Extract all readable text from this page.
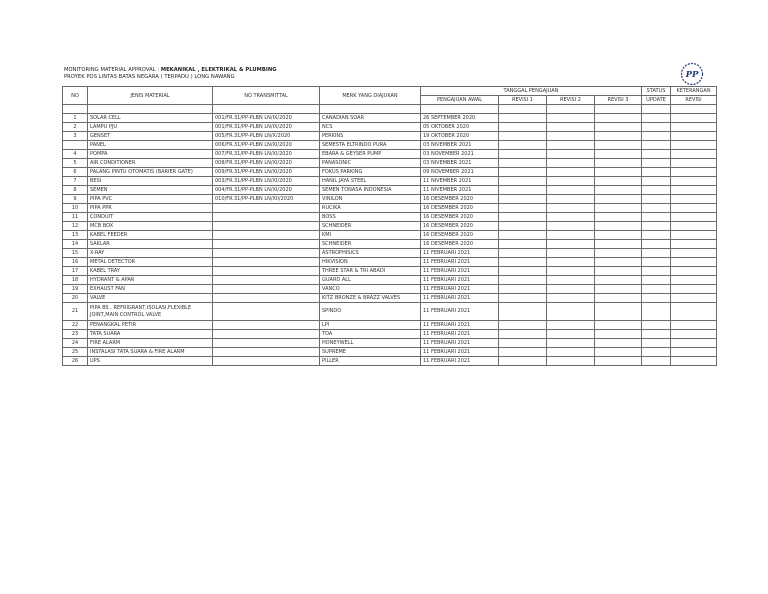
MONITORING MATERIAL APPROVAL : MEKANIKAL , ELEKTRIKAL & PLUMBING
PROYEK POS LINTAS BATAS NEGARA ( TERPADU ) LONG NAWANG	PP
NO	JENIS MATERIAL	NO TRANSMITTAL	MERK YANG DIAJUKAN	TANGGAL PENGAJUAN				STATUS	KETERANGAN
				PENGAJUAN AWAL	REVISI 1	REVISI 2	REVISI 3	UPDATE	REVISI

1	SOLAR CELL	001/FR.31/PP-PLBN LN/IX/2020	CANADIAN SOAR	26 SEPTEMBER 2020					
2	LAMPU PJU	001/FR.31/PP-PLBN LN/IX/2020	NCS	05 OKTOBER 2020					
3	GENSET	005/FR.31/PP-PLBN LN/X/2020	PERKINS	19 OKTOBER 2020					
	PANEL	006/FR.31/PP-PLBN LN/XI/2020	SEMESTA ELTRINDO PURA	03 NIVEMBER 2021					
4	POMPA	007/FR.31/PP-PLBN LN/XI/2020	EBARA & GEYSER PUMP	03 NOVEMBER 2021					
5	AIR CONDITIONER	008/FR.31/PP-PLBN LN/XI/2020	PANASONIC	03 NIVEMBER 2021					
6	PALANG PINTU OTOMATIS (BARIER GATE)	009/FR.31/PP-PLBN LN/XI/2020	FOKUS PARKING	09 NOVEMBER 2021					
7	BESI	003/FR.31/PP-PLBN LN/XI/2020	HANIL JAYA STEEL	11 NIVEMBER 2021					
8	SEMEN	004/FR.31/PP-PLBN LN/XI/2020	SEMEN TONASA INDONESIA	11 NIVEMBER 2021					
9	PIPA PVC	010/FR.31/PP-PLBN LN/XII/2020	VINILON	16 DESEMBER 2020					
10	PIPA PPR		RUCIKA	16 DESEMBER 2020					
11	CONDUIT		BOSS	16 DESEMBER 2020					
12	MCB BOX		SCHNEIDER	16 DESEMBER 2020					
13	KABEL FEEDER		KMI	16 DESEMBER 2020					
14	SAKLAR		SCHNEIDER	16 DESEMBER 2020					
15	X-RAY		ASTROPHISICS	11 FEBRUARI 2021					
16	METAL DETECTOR		HIKVISION	11 FEBRUARI 2021					
17	KABEL TRAY		THREE STAR & TRI ABADI	11 FEBRUARI 2021					
18	HYDRANT & APAR		GUARD ALL	11 FEBRUARI 2021					
19	EXHAUST FAN		VANCO	11 FEBRUARI 2021					
20	VALVE		KITZ BRONZE & BRAZZ VALVES	11 FEBRUARI 2021					
21	PIPA BS , REFRIGRANT,ISOLASI,FLEXIBLE JOINT,MAIN CONTROL VALVE		SPINDO	11 FEBRUARI 2021					
22	PENANGKAL PETIR		LPI	11 FEBRUARI 2021					
23	TATA SUARA		TOA	11 FEBRUARI 2021					
24	FIRE ALARM		HONEYWELL	11 FEBRUARI 2021					
25	INSTALASI TATA SUARA & FIRE ALARM		SUPREME	11 FEBRUARI 2021					
26	UPS		PILLER	11 FEBRUARI 2021					
